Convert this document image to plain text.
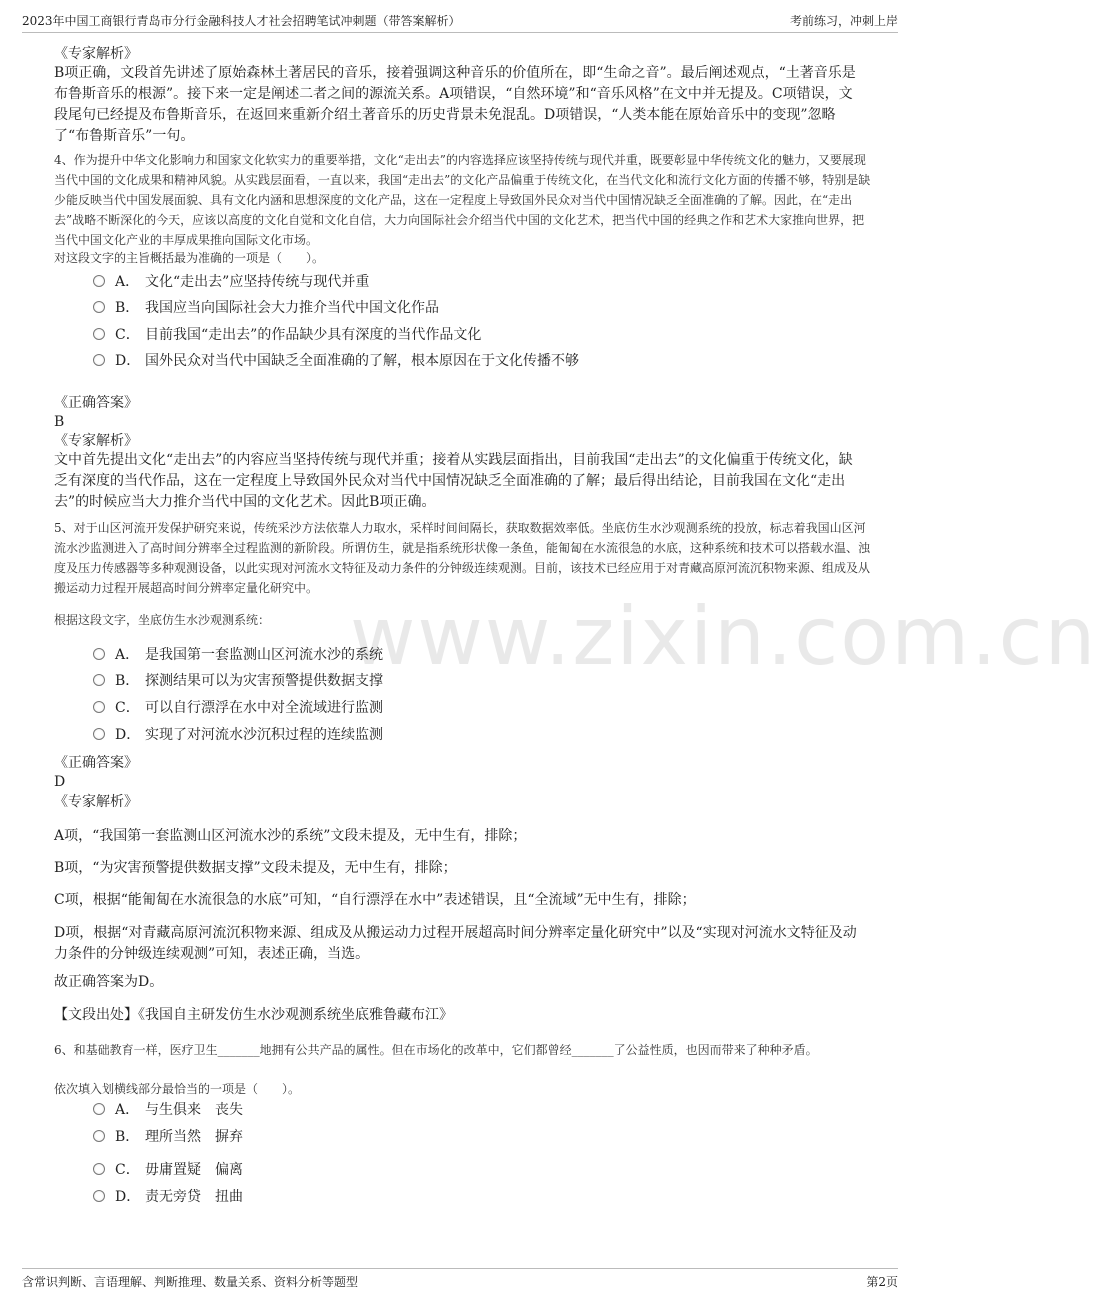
2023年中国工商银行青岛市分行金融科技人才社会招聘笔试冲刺题（带答案解析）	考前练习，冲刺上岸
www.zixin.com.cn
《专家解析》
B项正确，文段首先讲述了原始森林土著居民的音乐，接着强调这种音乐的价值所在，即“生命之音”。最后阐述观点，“土著音乐是布鲁斯音乐的根源”。接下来一定是阐述二者之间的源流关系。A项错误，“自然环境”和“音乐风格”在文中并无提及。C项错误，文段尾句已经提及布鲁斯音乐，在返回来重新介绍土著音乐的历史背景未免混乱。D项错误，“人类本能在原始音乐中的变现”忽略了“布鲁斯音乐”一句。
4、作为提升中华文化影响力和国家文化软实力的重要举措，文化“走出去”的内容选择应该坚持传统与现代并重，既要彰显中华传统文化的魅力，又要展现当代中国的文化成果和精神风貌。从实践层面看，一直以来，我国“走出去”的文化产品偏重于传统文化，在当代文化和流行文化方面的传播不够，特别是缺少能反映当代中国发展面貌、具有文化内涵和思想深度的文化产品，这在一定程度上导致国外民众对当代中国情况缺乏全面准确的了解。因此，在“走出去”战略不断深化的今天，应该以高度的文化自觉和文化自信，大力向国际社会介绍当代中国的文化艺术，把当代中国的经典之作和艺术大家推向世界，把当代中国文化产业的丰厚成果推向国际文化市场。
对这段文字的主旨概括最为准确的一项是（　　）。
A． 文化“走出去”应坚持传统与现代并重
B． 我国应当向国际社会大力推介当代中国文化作品
C． 目前我国“走出去”的作品缺少具有深度的当代作品文化
D． 国外民众对当代中国缺乏全面准确的了解，根本原因在于文化传播不够
《正确答案》
B
《专家解析》
文中首先提出文化“走出去”的内容应当坚持传统与现代并重；接着从实践层面指出，目前我国“走出去”的文化偏重于传统文化，缺乏有深度的当代作品，这在一定程度上导致国外民众对当代中国情况缺乏全面准确的了解；最后得出结论，目前我国在文化“走出去”的时候应当大力推介当代中国的文化艺术。因此B项正确。
5、对于山区河流开发保护研究来说，传统采沙方法依靠人力取水，采样时间间隔长，获取数据效率低。坐底仿生水沙观测系统的投放，标志着我国山区河流水沙监测进入了高时间分辨率全过程监测的新阶段。所谓仿生，就是指系统形状像一条鱼，能匍匐在水流很急的水底，这种系统和技术可以搭载水温、浊度及压力传感器等多种观测设备，以此实现对河流水文特征及动力条件的分钟级连续观测。目前，该技术已经应用于对青藏高原河流沉积物来源、组成及从搬运动力过程开展超高时间分辨率定量化研究中。
根据这段文字，坐底仿生水沙观测系统：
A． 是我国第一套监测山区河流水沙的系统
B． 探测结果可以为灾害预警提供数据支撑
C． 可以自行漂浮在水中对全流域进行监测
D． 实现了对河流水沙沉积过程的连续监测
《正确答案》
D
《专家解析》
A项，“我国第一套监测山区河流水沙的系统”文段未提及，无中生有，排除；
B项，“为灾害预警提供数据支撑”文段未提及，无中生有，排除；
C项，根据“能匍匐在水流很急的水底”可知，“自行漂浮在水中”表述错误，且“全流域”无中生有，排除；
D项，根据“对青藏高原河流沉积物来源、组成及从搬运动力过程开展超高时间分辨率定量化研究中”以及“实现对河流水文特征及动力条件的分钟级连续观测”可知，表述正确，当选。
故正确答案为D。
【文段出处】《我国自主研发仿生水沙观测系统坐底雅鲁藏布江》
6、和基础教育一样，医疗卫生_______地拥有公共产品的属性。但在市场化的改革中，它们都曾经_______了公益性质，也因而带来了种种矛盾。
依次填入划横线部分最恰当的一项是（　　）。
A． 与生俱来　丧失
B． 理所当然　摒弃
C． 毋庸置疑　偏离
D． 责无旁贷　扭曲
含常识判断、言语理解、判断推理、数量关系、资料分析等题型	第2页
